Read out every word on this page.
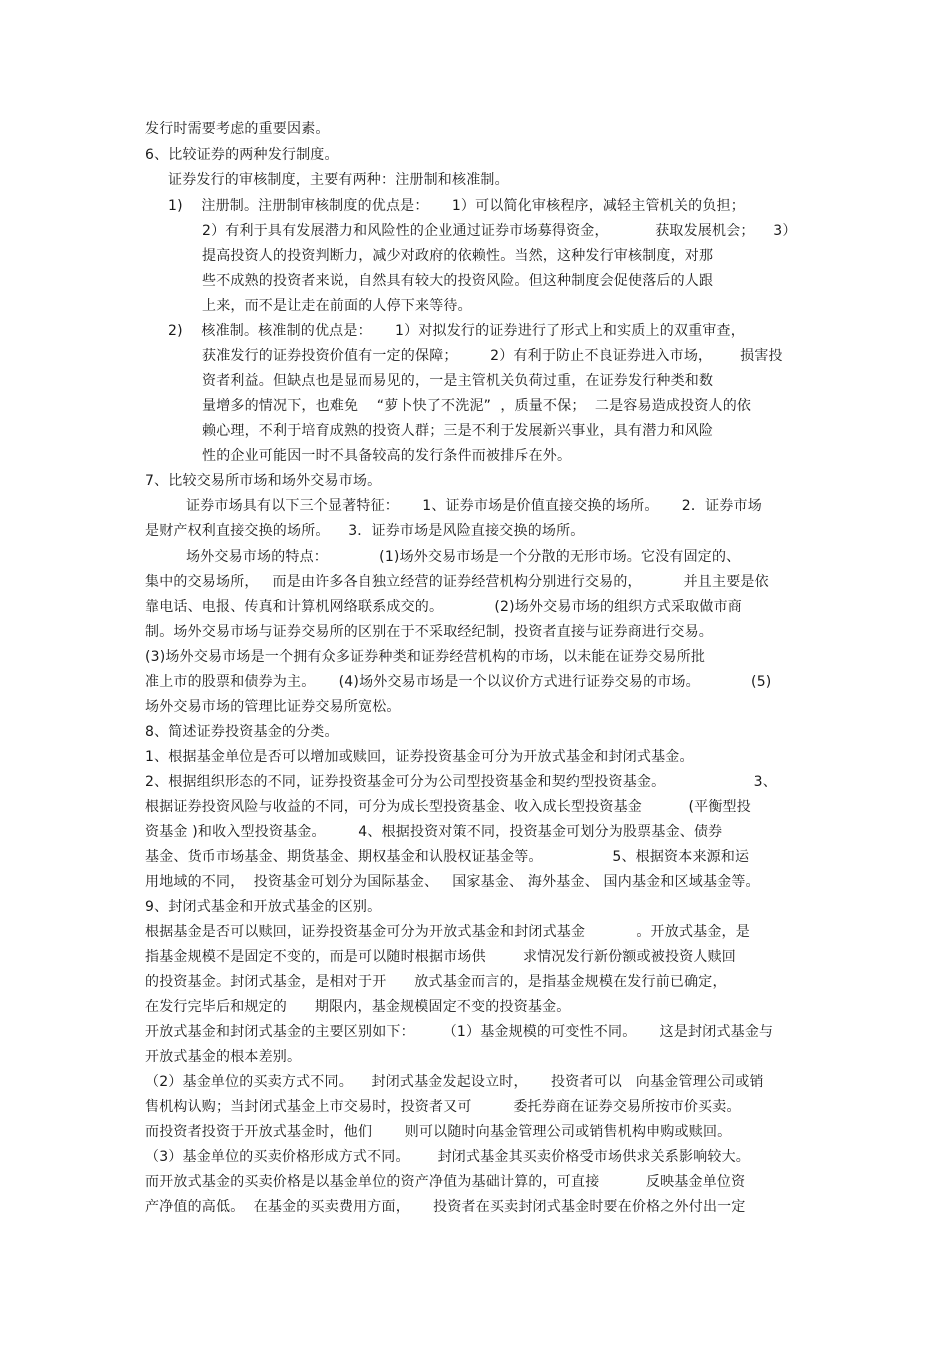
发行时需要考虑的重要因素。
6、比较证券的两种发行制度。
证券发行的审核制度，主要有两种：注册制和核准制。
1)    注册制。注册制审核制度的优点是：     1）可以简化审核程序，减轻主管机关的负担；
2）有利于具有发展潜力和风险性的企业通过证券市场募得资金，          获取发展机会；    3）
提高投资人的投资判断力，减少对政府的依赖性。当然，这种发行审核制度，对那
些不成熟的投资者来说，自然具有较大的投资风险。但这种制度会促使落后的人跟
上来，而不是让走在前面的人停下来等待。
2)    核准制。核准制的优点是：     1）对拟发行的证券进行了形式上和实质上的双重审查，
获准发行的证券投资价值有一定的保障；       2）有利于防止不良证券进入市场，      损害投
资者利益。但缺点也是显而易见的，一是主管机关负荷过重，在证券发行种类和数
量增多的情况下，也难免    “萝卜快了不洗泥”  ，质量不保；  二是容易造成投资人的依
赖心理，不利于培育成熟的投资人群；三是不利于发展新兴事业，具有潜力和风险
性的企业可能因一时不具备较高的发行条件而被排斥在外。
7、比较交易所市场和场外交易市场。
证券市场具有以下三个显著特征：     1、证券市场是价值直接交换的场所。     2．证券市场
是财产权利直接交换的场所。    3．证券市场是风险直接交换的场所。
场外交易市场的特点：           (1)场外交易市场是一个分散的无形市场。它没有固定的、
集中的交易场所，   而是由许多各自独立经营的证券经营机构分别进行交易的，         并且主要是依
靠电话、电报、传真和计算机网络联系成交的。           (2)场外交易市场的组织方式采取做市商
制。场外交易市场与证券交易所的区别在于不采取经纪制，投资者直接与证券商进行交易。
(3)场外交易市场是一个拥有众多证券种类和证券经营机构的市场，以未能在证券交易所批
准上市的股票和债券为主。     (4)场外交易市场是一个以议价方式进行证券交易的市场。           (5)
场外交易市场的管理比证券交易所宽松。
8、简述证券投资基金的分类。
1、根据基金单位是否可以增加或赎回，证券投资基金可分为开放式基金和封闭式基金。
2、根据组织形态的不同，证券投资基金可分为公司型投资基金和契约型投资基金。                   3、
根据证券投资风险与收益的不同，可分为成长型投资基金、收入成长型投资基金          (平衡型投
资基金 )和收入型投资基金。       4、根据投资对策不同，投资基金可划分为股票基金、债券
基金、货币市场基金、期货基金、期权基金和认股权证基金等。               5、根据资本来源和运
用地域的不同，  投资基金可划分为国际基金、   国家基金、 海外基金、 国内基金和区域基金等。
9、封闭式基金和开放式基金的区别。
根据基金是否可以赎回，证券投资基金可分为开放式基金和封闭式基金           。开放式基金，是
指基金规模不是固定不变的，而是可以随时根据市场供        求情况发行新份额或被投资人赎回
的投资基金。封闭式基金，是相对于开      放式基金而言的，是指基金规模在发行前已确定，
在发行完毕后和规定的      期限内，基金规模固定不变的投资基金。
开放式基金和封闭式基金的主要区别如下：      （1）基金规模的可变性不同。     这是封闭式基金与
开放式基金的根本差别。
（2）基金单位的买卖方式不同。    封闭式基金发起设立时，     投资者可以   向基金管理公司或销
售机构认购；当封闭式基金上市交易时，投资者又可         委托券商在证券交易所按市价买卖。
而投资者投资于开放式基金时，他们       则可以随时向基金管理公司或销售机构申购或赎回。
（3）基金单位的买卖价格形成方式不同。      封闭式基金其买卖价格受市场供求关系影响较大。
而开放式基金的买卖价格是以基金单位的资产净值为基础计算的，可直接          反映基金单位资
产净值的高低。  在基金的买卖费用方面，     投资者在买卖封闭式基金时要在价格之外付出一定
